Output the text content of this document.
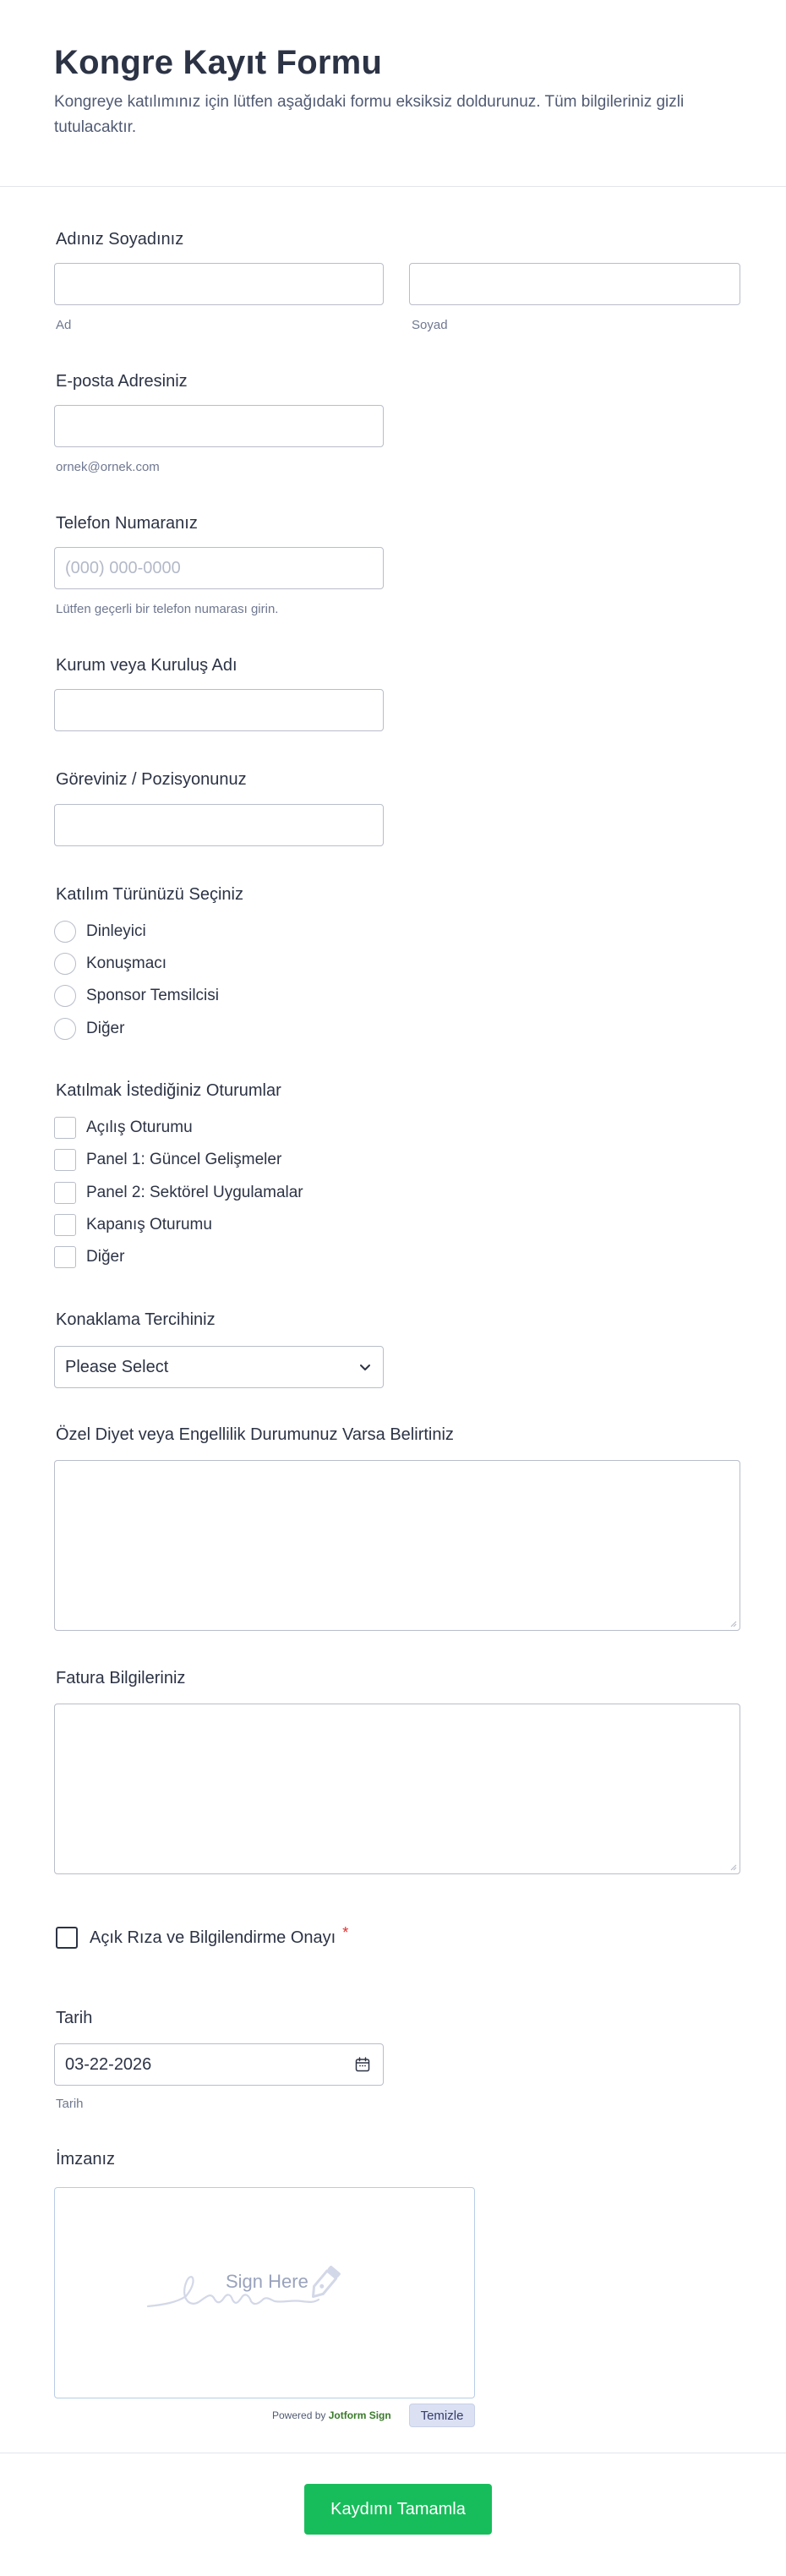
Kongre Kayıt Formu
Kongreye katılımınız için lütfen aşağıdaki formu eksiksiz doldurunuz. Tüm bilgileriniz gizli tutulacaktır.
Adınız Soyadınız
Ad	Soyad
E-posta Adresiniz
ornek@ornek.com
Telefon Numaranız
(000) 000-0000
Lütfen geçerli bir telefon numarası girin.
Kurum veya Kuruluş Adı
Göreviniz / Pozisyonunuz
Katılım Türünüzü Seçiniz
Dinleyici
Konuşmacı
Sponsor Temsilcisi
Diğer
Katılmak İstediğiniz Oturumlar
Açılış Oturumu
Panel 1: Güncel Gelişmeler
Panel 2: Sektörel Uygulamalar
Kapanış Oturumu
Diğer
Konaklama Tercihiniz
Please Select
Özel Diyet veya Engellilik Durumunuz Varsa Belirtiniz
Fatura Bilgileriniz
Açık Rıza ve Bilgilendirme Onayı *
Tarih
03-22-2026
Tarih
İmzanız
Sign Here
Powered by Jotform Sign	Temizle
Kaydımı Tamamla
